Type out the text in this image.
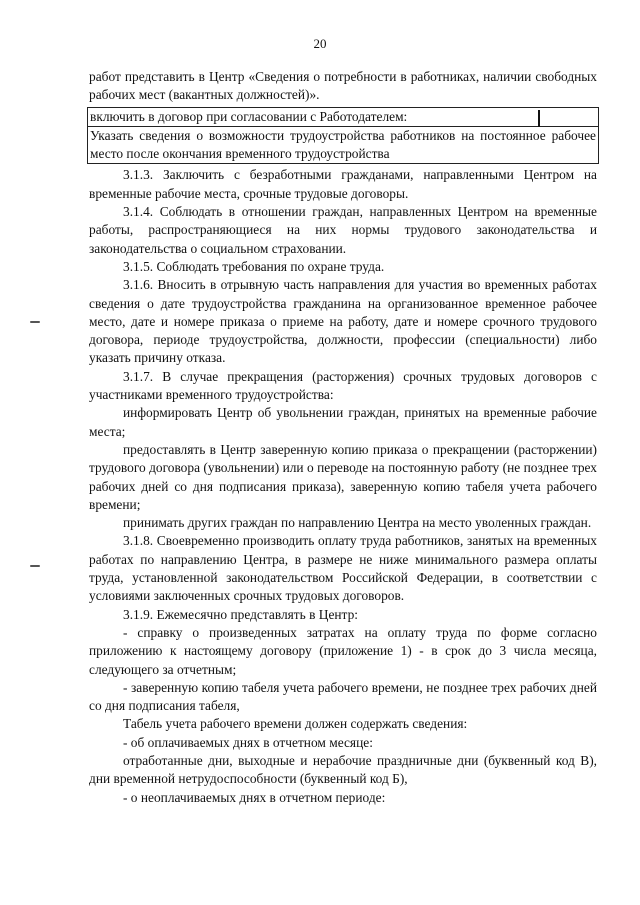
20

работ представить в Центр «Сведения о потребности в работниках, наличии свободных рабочих мест (вакантных должностей)».

включить в договор при согласовании с Работодателем:

Указать сведения о возможности трудоустройства работников на постоянное рабочее место после окончания временного трудоустройства

3.1.3. Заключить с безработными гражданами, направленными Центром на временные рабочие места, срочные трудовые договоры.

3.1.4. Соблюдать в отношении граждан, направленных Центром на временные работы, распространяющиеся на них нормы трудового законодательства и законодательства о социальном страховании.

3.1.5. Соблюдать требования по охране труда.

3.1.6. Вносить в отрывную часть направления для участия во временных работах сведения о дате трудоустройства гражданина на организованное временное рабочее место, дате и номере приказа о приеме на работу, дате и номере срочного трудового договора, периоде трудоустройства, должности, профессии (специальности) либо указать причину отказа.

3.1.7. В случае прекращения (расторжения) срочных трудовых договоров с участниками временного трудоустройства:

информировать Центр об увольнении граждан, принятых на временные рабочие места;

предоставлять в Центр заверенную копию приказа о прекращении (расторжении) трудового договора (увольнении) или о переводе на постоянную работу (не позднее трех рабочих дней со дня подписания приказа), заверенную копию табеля учета рабочего времени;

принимать других граждан по направлению Центра на место уволенных граждан.

3.1.8. Своевременно производить оплату труда работников, занятых на временных работах по направлению Центра, в размере не ниже минимального размера оплаты труда, установленной законодательством Российской Федерации, в соответствии с условиями заключенных срочных трудовых договоров.

3.1.9. Ежемесячно представлять в Центр:

- справку о произведенных затратах на оплату труда по форме согласно приложению к настоящему договору (приложение 1) - в срок до 3 числа месяца, следующего за отчетным;

- заверенную копию табеля учета рабочего времени, не позднее трех рабочих дней со дня подписания табеля,

Табель учета рабочего времени должен содержать сведения:

- об оплачиваемых днях в отчетном месяце:

отработанные дни, выходные и нерабочие праздничные дни (буквенный код В), дни временной нетрудоспособности (буквенный код Б),

- о неоплачиваемых днях в отчетном периоде:
